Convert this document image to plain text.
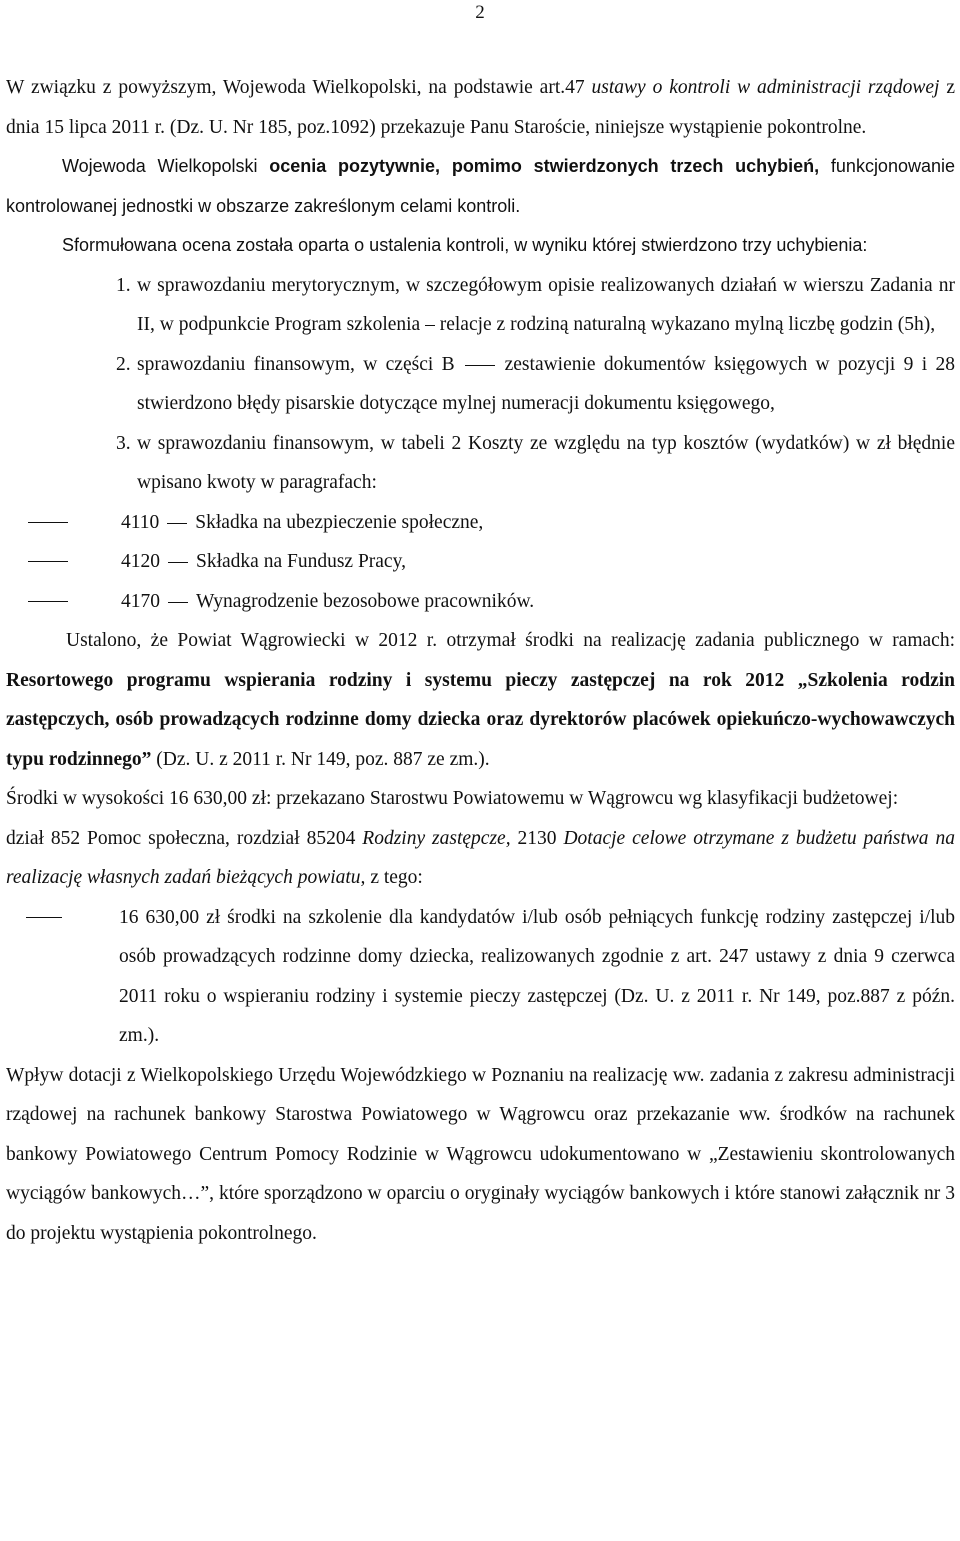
2

W związku z powyższym, Wojewoda Wielkopolski, na podstawie art.47 ustawy o kontroli w administracji rządowej z dnia 15 lipca 2011 r. (Dz. U. Nr 185, poz.1092) przekazuje Panu Staroście, niniejsze wystąpienie pokontrolne.

Wojewoda Wielkopolski ocenia pozytywnie, pomimo stwierdzonych trzech uchybień, funkcjonowanie kontrolowanej jednostki w obszarze zakreślonym celami kontroli.

Sformułowana ocena została oparta o ustalenia kontroli, w wyniku której stwierdzono trzy uchybienia:

1. w sprawozdaniu merytorycznym, w szczegółowym opisie realizowanych działań w wierszu Zadania nr II, w podpunkcie Program szkolenia – relacje z rodziną naturalną wykazano mylną liczbę godzin (5h),

2. sprawozdaniu finansowym, w części B	zestawienie dokumentów księgowych w pozycji 9 i 28 stwierdzono błędy pisarskie dotyczące mylnej numeracji dokumentu księgowego,

3. w sprawozdaniu finansowym, w tabeli 2 Koszty ze względu na typ kosztów (wydatków) w zł błędnie wpisano kwoty w paragrafach:

4110 Składka na ubezpieczenie społeczne,

4120 Składka na Fundusz Pracy,

4170 Wynagrodzenie bezosobowe pracowników.

Ustalono, że Powiat Wągrowiecki w 2012 r. otrzymał środki na realizację zadania publicznego w ramach: Resortowego programu wspierania rodziny i systemu pieczy zastępczej na rok 2012 „Szkolenia rodzin zastępczych, osób prowadzących rodzinne domy dziecka oraz dyrektorów placówek opiekuńczo-wychowawczych typu rodzinnego” (Dz. U. z 2011 r. Nr 149, poz. 887 ze zm.).

Środki w wysokości 16 630,00 zł: przekazano Starostwu Powiatowemu w Wągrowcu wg klasyfikacji budżetowej:

dział 852 Pomoc społeczna, rozdział 85204 Rodziny zastępcze, 2130 Dotacje celowe otrzymane z budżetu państwa na realizację własnych zadań bieżących powiatu, z tego:

16 630,00 zł środki na szkolenie dla kandydatów i/lub osób pełniących funkcję rodziny zastępczej i/lub osób prowadzących rodzinne domy dziecka, realizowanych zgodnie z art. 247 ustawy z dnia 9 czerwca 2011 roku o wspieraniu rodziny i systemie pieczy zastępczej (Dz. U. z 2011 r. Nr 149, poz.887 z późn. zm.).

Wpływ dotacji z Wielkopolskiego Urzędu Wojewódzkiego w Poznaniu na realizację ww. zadania z zakresu administracji rządowej na rachunek bankowy Starostwa Powiatowego w Wągrowcu oraz przekazanie ww. środków na rachunek bankowy Powiatowego Centrum Pomocy Rodzinie w Wągrowcu udokumentowano w „Zestawieniu skontrolowanych wyciągów bankowych…”, które sporządzono w oparciu o oryginały wyciągów bankowych i które stanowi załącznik nr 3 do projektu wystąpienia pokontrolnego.
